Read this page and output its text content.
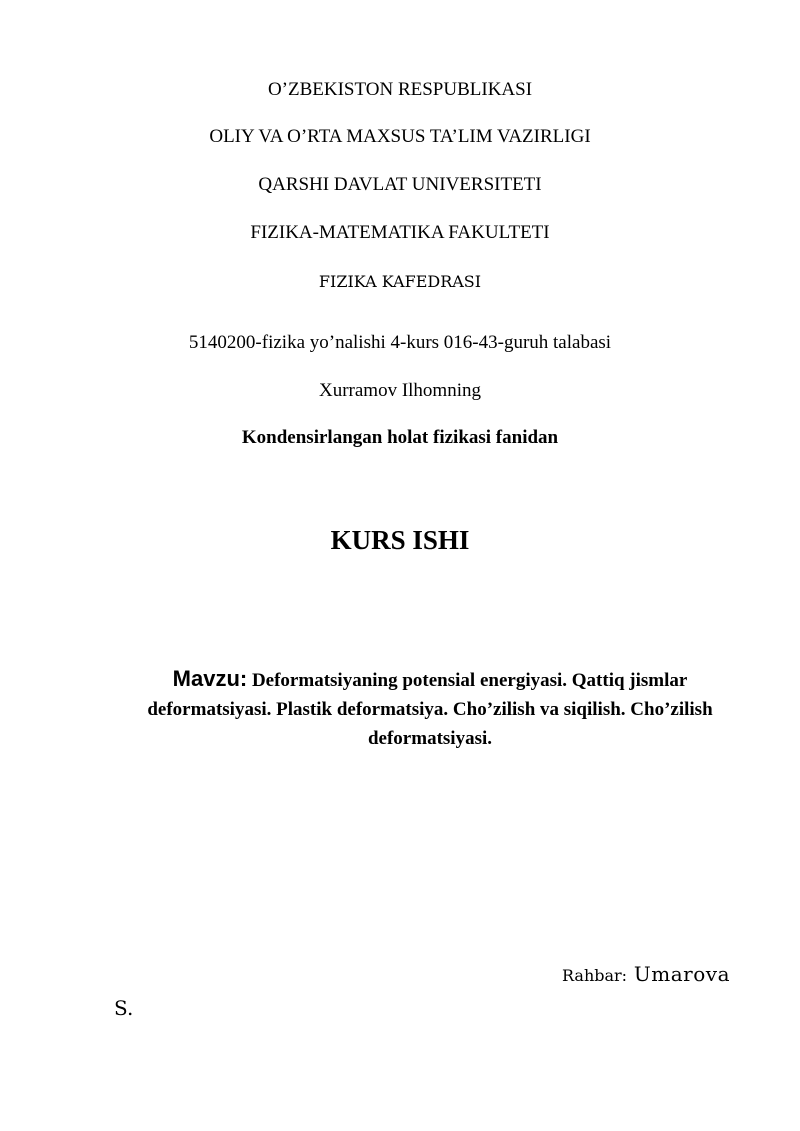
O’ZBEKISTON RESPUBLIKASI
OLIY VA O’RTA MAXSUS TA’LIM VAZIRLIGI
QARSHI DAVLAT UNIVERSITETI
FIZIKA-MATEMATIKA FAKULTETI
FIZIKA KAFEDRASI
5140200-fizika yo’nalishi 4-kurs 016-43-guruh talabasi
Xurramov Ilhomning
Kondensirlangan holat fizikasi fanidan
KURS ISHI
Mavzu: Deformatsiyaning potensial energiyasi. Qattiq jismlar deformatsiyasi. Plastik deformatsiya. Cho’zilish va siqilish. Cho’zilish deformatsiyasi.
Rahbar: Umarova
S.
